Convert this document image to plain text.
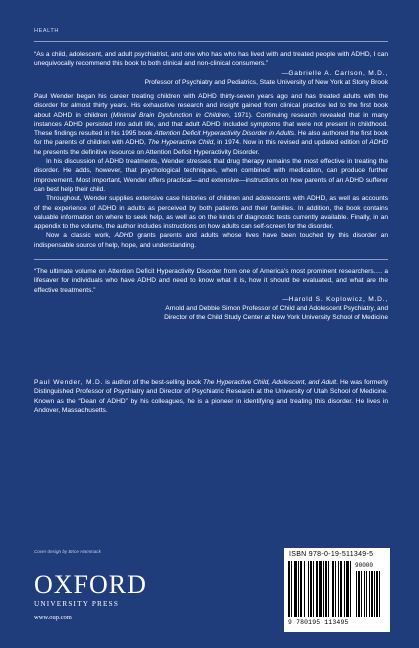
HEALTH
“As a child, adolescent, and adult psychiatrist, and one who has who has lived with and treated people with ADHD, I can unequivocally recommend this book to both clinical and non-clinical consumers.”
—Gabrielle A. Carlson, M.D.,
Professor of Psychiatry and Pediatrics, State University of New York at Stony Brook

Paul Wender began his career treating children with ADHD thirty-seven years ago and has treated adults with the disorder for almost thirty years. His exhaustive research and insight gained from clinical practice led to the first book about ADHD in children (Minimal Brain Dysfunction in Children, 1971). Continuing research revealed that in many instances ADHD persisted into adult life, and that adult ADHD included symptoms that were not present in childhood. These findings resulted in his 1995 book Attention Deficit Hyperactivity Disorder in Adults. He also authored the first book for the parents of children with ADHD, The Hyperactive Child, in 1974. Now in this revised and updated edition of ADHD he presents the definitive resource on Attention Deficit Hyperactivity Disorder.

In his discussion of ADHD treatments, Wender stresses that drug therapy remains the most effective in treating the disorder. He adds, however, that psychological techniques, when combined with medication, can produce further improvement. Most important, Wender offers practical—and extensive—instructions on how parents of an ADHD sufferer can best help their child.

Throughout, Wender supplies extensive case histories of children and adolescents with ADHD, as well as accounts of the experience of ADHD in adults as perceived by both patients and their families. In addition, the book contains valuable information on where to seek help, as well as on the kinds of diagnostic tests currently available. Finally, in an appendix to the volume, the author includes instructions on how adults can self-screen for the disorder.

Now a classic work, ADHD grants parents and adults whose lives have been touched by this disorder an indispensable source of help, hope, and understanding.

“The ultimate volume on Attention Deficit Hyperactivity Disorder from one of America’s most prominent researchers…. a lifesaver for individuals who have ADHD and need to know what it is, how it should be evaluated, and what are the effective treatments.”
—Harold S. Koplowicz, M.D.,
Arnold and Debbie Simon Professor of Child and Adolescent Psychiatry, and
Director of the Child Study Center at New York University School of Medicine
Paul Wender, M.D. is author of the best-selling book The Hyperactive Child, Adolescent, and Adult. He was formerly Distinguished Professor of Psychiatry and Director of Psychiatric Research at the University of Utah School of Medicine. Known as the “Dean of ADHD” by his colleagues, he is a pioneer in identifying and treating this disorder. He lives in Andover, Massachusetts.
Cover design by Brice Hammack
OXFORD
UNIVERSITY PRESS
www.oup.com
ISBN 978-0-19-511349-5
90000
9 780195 113495
